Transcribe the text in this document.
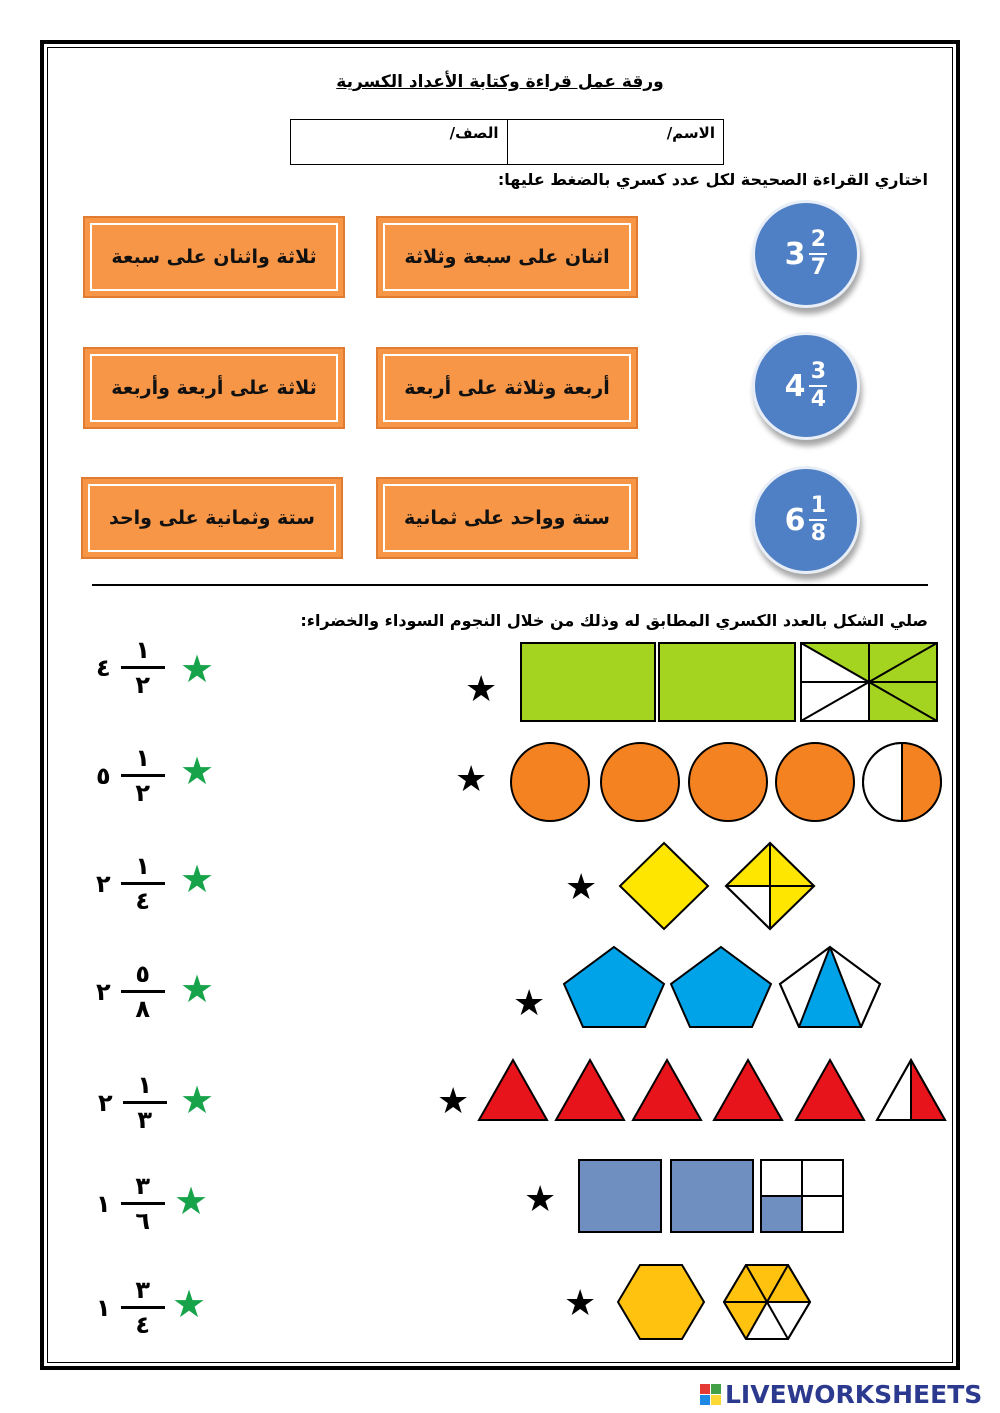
ورقة عمل قراءة وكتابة الأعداد الكسرية
الاسم/
الصف/
اختاري القراءة الصحيحة لكل عدد كسري بالضغط عليها:
3 2
7
اثنان على سبعة وثلاثة
ثلاثة واثنان على سبعة
4 3
4
أربعة وثلاثة على أربعة
ثلاثة على أربعة وأربعة
6 1
8
ستة وواحد على ثمانية
ستة وثمانية على واحد
صلي الشكل بالعدد الكسري المطابق له وذلك من خلال النجوم السوداء والخضراء:
٤
١
٢
٥
١
٢
٢
١
٤
٢
٥
٨
٢
١
٣
١
٣
٦
١
٣
٤
★
★
★
★
★
★
★
★
★
★
★
★
★
★
LIVEWORKSHEETS
